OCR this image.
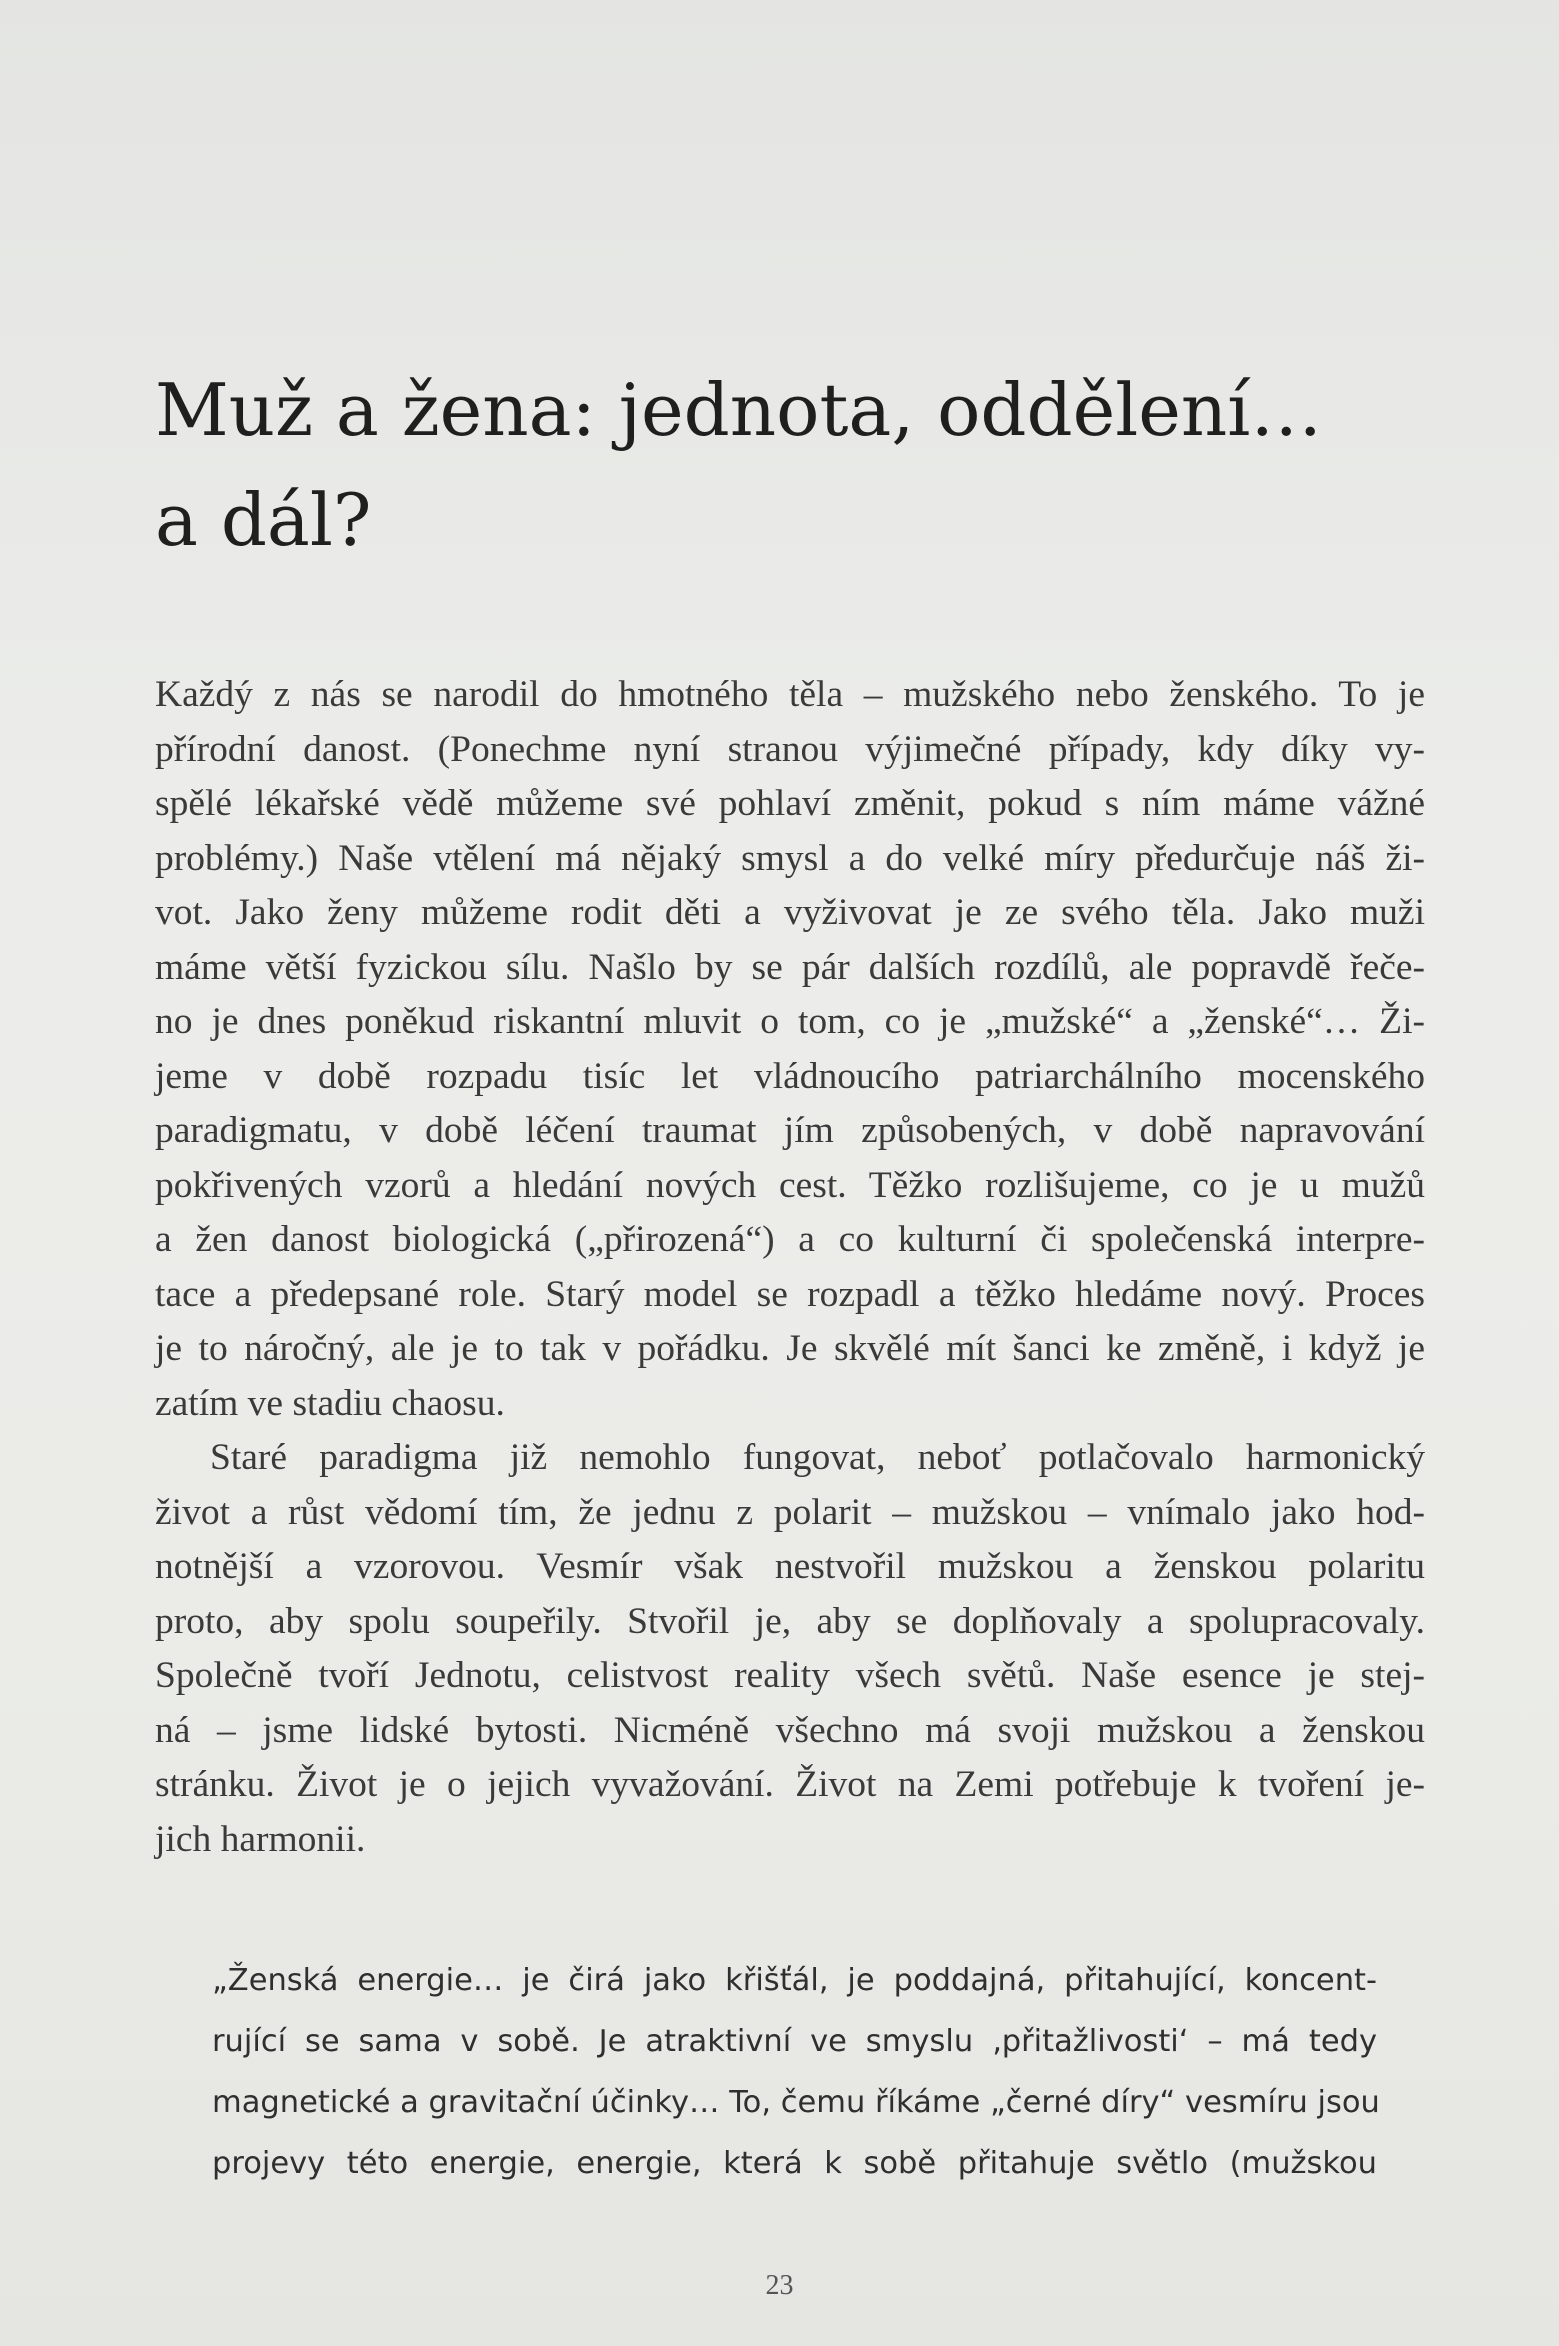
Muž a žena: jednota, oddělení…
a dál?
Každý z nás se narodil do hmotného těla – mužského nebo ženského. To je
přírodní danost. (Ponechme nyní stranou výjimečné případy, kdy díky vy-
spělé lékařské vědě můžeme své pohlaví změnit, pokud s ním máme vážné
problémy.) Naše vtělení má nějaký smysl a do velké míry předurčuje náš ži-
vot. Jako ženy můžeme rodit děti a vyživovat je ze svého těla. Jako muži
máme větší fyzickou sílu. Našlo by se pár dalších rozdílů, ale popravdě řeče-
no je dnes poněkud riskantní mluvit o tom, co je „mužské“ a „ženské“… Ži-
jeme v době rozpadu tisíc let vládnoucího patriarchálního mocenského
paradigmatu, v době léčení traumat jím způsobených, v době napravování
pokřivených vzorů a hledání nových cest. Těžko rozlišujeme, co je u mužů
a žen danost biologická („přirozená“) a co kulturní či společenská interpre-
tace a předepsané role. Starý model se rozpadl a těžko hledáme nový. Proces
je to náročný, ale je to tak v pořádku. Je skvělé mít šanci ke změně, i když je
zatím ve stadiu chaosu.
Staré paradigma již nemohlo fungovat, neboť potlačovalo harmonický
život a růst vědomí tím, že jednu z polarit – mužskou – vnímalo jako hod-
notnější a vzorovou. Vesmír však nestvořil mužskou a ženskou polaritu
proto, aby spolu soupeřily. Stvořil je, aby se doplňovaly a spolupracovaly.
Společně tvoří Jednotu, celistvost reality všech světů. Naše esence je stej-
ná – jsme lidské bytosti. Nicméně všechno má svoji mužskou a ženskou
stránku. Život je o jejich vyvažování. Život na Zemi potřebuje k tvoření je-
jich harmonii.
„Ženská energie… je čirá jako křišťál, je poddajná, přitahující, koncent-
rující se sama v sobě. Je atraktivní ve smyslu ‚přitažlivosti‘ – má tedy
magnetické a gravitační účinky… To, čemu říkáme „černé díry“ vesmíru jsou
projevy této energie, energie, která k sobě přitahuje světlo (mužskou
23
